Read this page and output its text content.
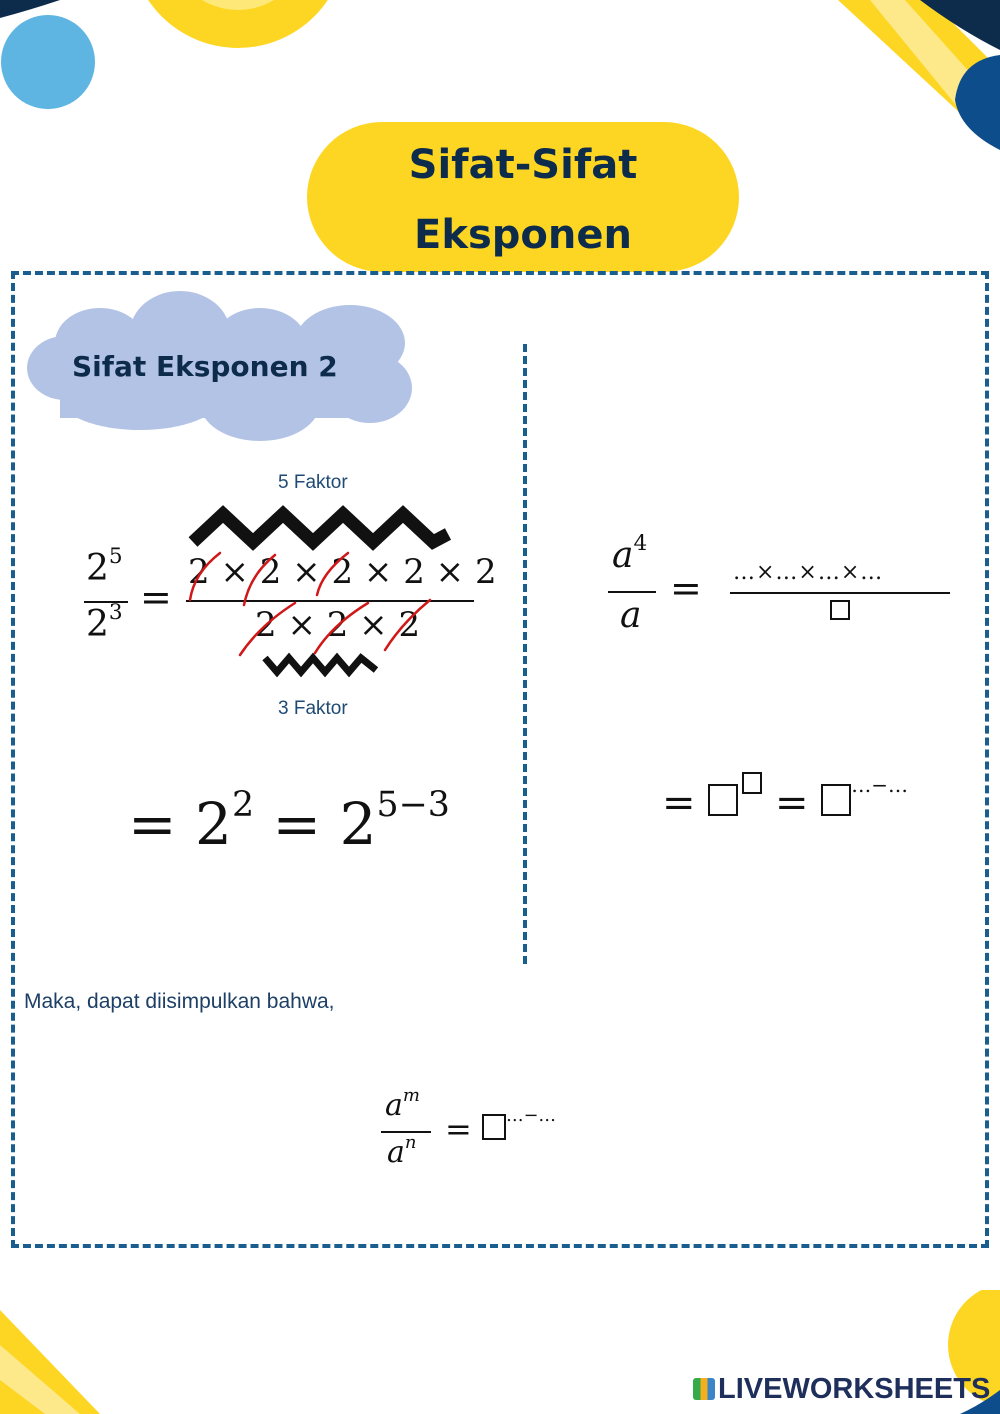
Sifat-Sifat
Eksponen
Sifat Eksponen 2
5 Faktor
$2^5$
$2^3$ =
2 × 2 × 2 × 2 × 2
2 × 2 × 2
3 Faktor
= $2^2 = 2^{5-3}$
$a^4$
a
= …×…×…×…
=  = …−…
Maka, dapat diisimpulkan bahwa,
$a^m$
$a^n = ^{\dots-\dots}$
LIVEWORKSHEETS
